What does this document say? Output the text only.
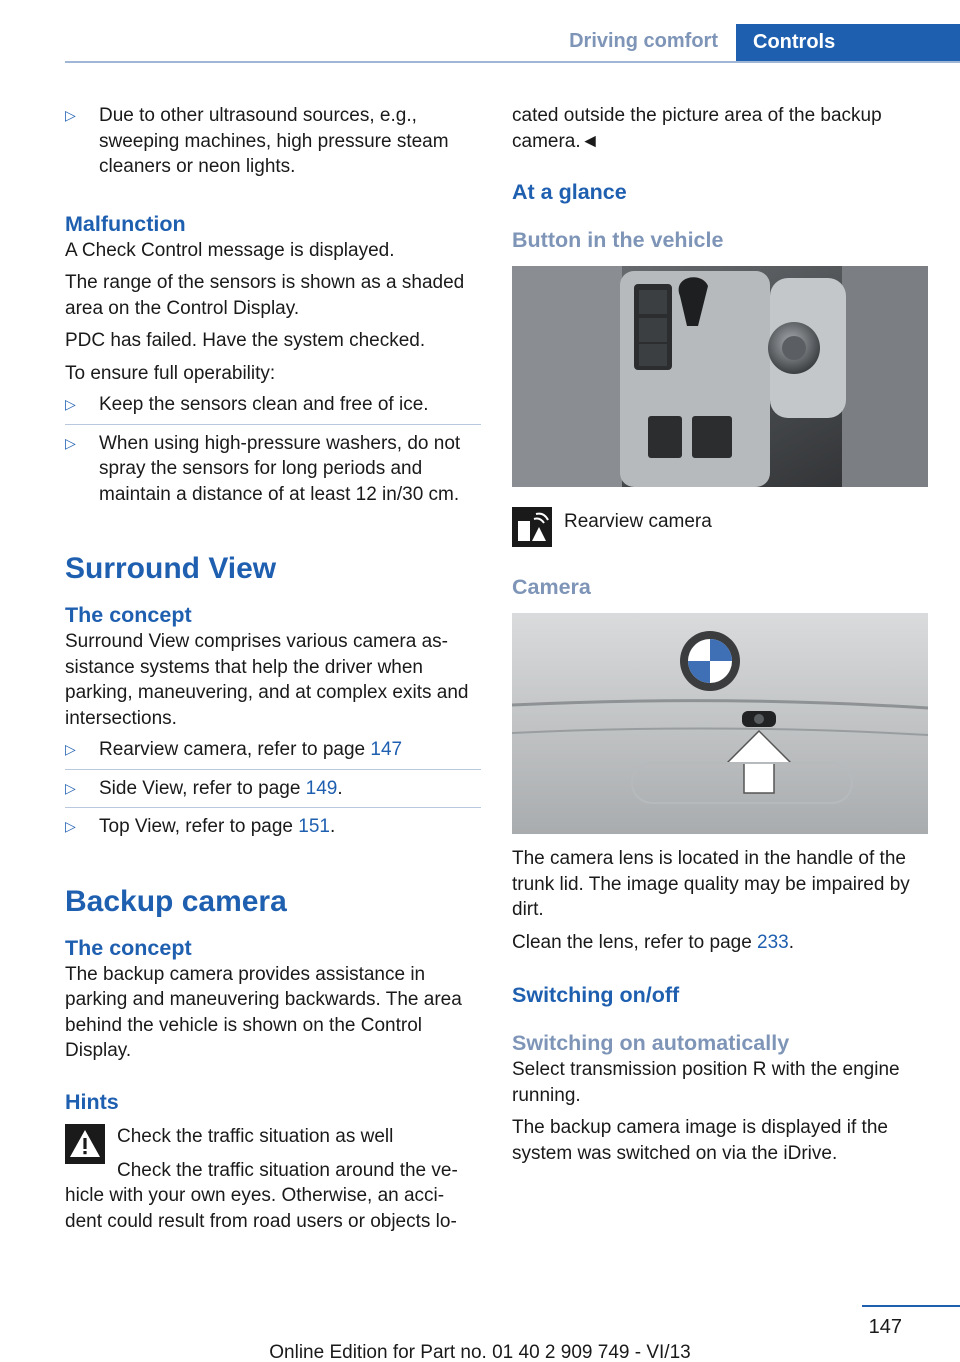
Driving comfort	Controls
▷ Due to other ultrasound sources, e.g., sweeping machines, high pressure steam cleaners or neon lights.
Malfunction

A Check Control message is displayed.

The range of the sensors is shown as a shaded area on the Control Display.

PDC has failed. Have the system checked.

To ensure full operability:

▷ Keep the sensors clean and free of ice.
▷ When using high-pressure washers, do not spray the sensors for long periods and maintain a distance of at least 12 in/30 cm.
Surround View
The concept

Surround View comprises various camera as- sistance systems that help the driver when parking, maneuvering, and at complex exits and intersections.

▷ Rearview camera, refer to page 147
▷ Side View, refer to page 149.
▷ Top View, refer to page 151.
Backup camera
The concept

The backup camera provides assistance in parking and maneuvering backwards. The area behind the vehicle is shown on the Control Display.

Hints

Check the traffic situation as well

Check the traffic situation around the ve- hicle with your own eyes. Otherwise, an acci- dent could result from road users or objects lo-

cated outside the picture area of the backup camera.◄

At a glance
Button in the vehicle

Rearview camera

Camera

The camera lens is located in the handle of the trunk lid. The image quality may be impaired by dirt.

Clean the lens, refer to page 233.

Switching on/off
Switching on automatically

Select transmission position R with the engine running.

The backup camera image is displayed if the system was switched on via the iDrive.

147
Online Edition for Part no. 01 40 2 909 749 - VI/13
